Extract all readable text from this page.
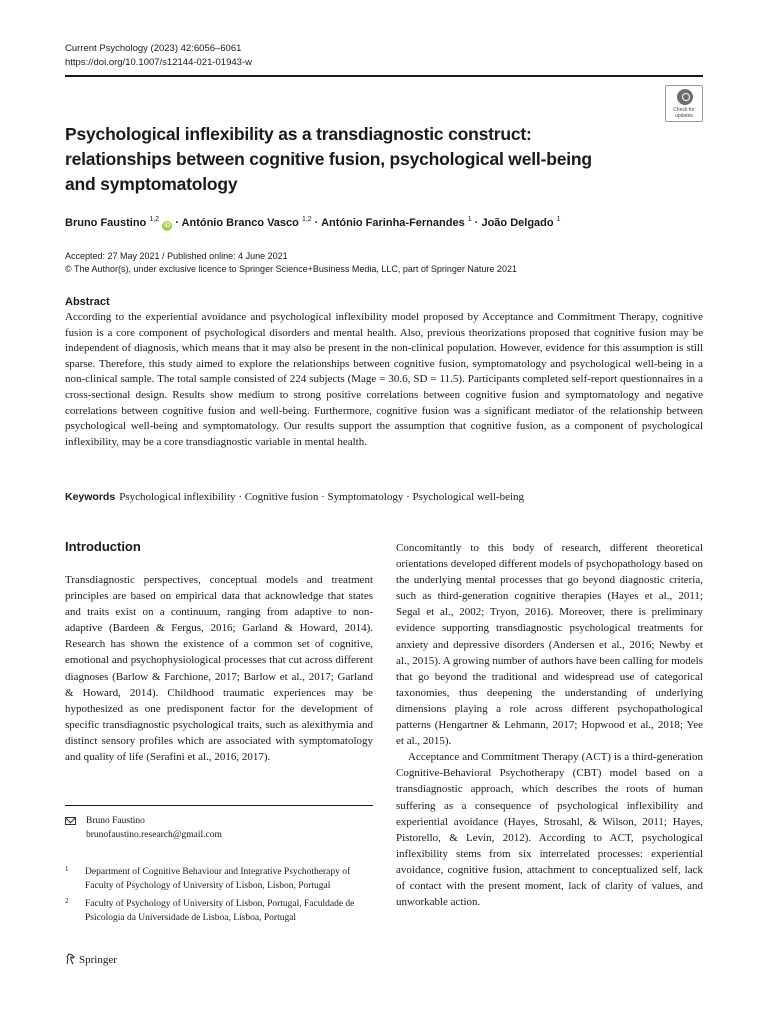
Current Psychology (2023) 42:6056–6061
https://doi.org/10.1007/s12144-021-01943-w
Check for updates
Psychological inflexibility as a transdiagnostic construct: relationships between cognitive fusion, psychological well-being and symptomatology
Bruno Faustino $^{1,2}$ iD · António Branco Vasco $^{1,2}$ · António Farinha-Fernandes $^1$ · João Delgado $^1$
Accepted: 27 May 2021 / Published online: 4 June 2021
© The Author(s), under exclusive licence to Springer Science+Business Media, LLC, part of Springer Nature 2021
Abstract

According to the experiential avoidance and psychological inflexibility model proposed by Acceptance and Commitment Therapy, cognitive fusion is a core component of psychological disorders and mental health. Also, previous theorizations proposed that cognitive fusion may be independent of diagnosis, which means that it may also be present in the non-clinical population. However, evidence for this assumption is still sparse. Therefore, this study aimed to explore the relationships between cognitive fusion, symptomatology and psychological well-being in a non-clinical sample. The total sample consisted of 224 subjects (Mage = 30.6, SD = 11.5). Participants completed self-report questionnaires in a cross-sectional design. Results show medium to strong positive correlations between cognitive fusion and symptomatology and negative correlations between cognitive fusion and well-being. Furthermore, cognitive fusion was a significant mediator of the relationship between psychological well-being and symptomatology. Our results support the assumption that cognitive fusion, as a component of psychological inflexibility, may be a core transdiagnostic variable in mental health.

Keywords Psychological inflexibility · Cognitive fusion · Symptomatology · Psychological well-being
Introduction

Transdiagnostic perspectives, conceptual models and treatment principles are based on empirical data that acknowledge that states and traits exist on a continuum, ranging from adaptive to non-adaptive (Bardeen & Fergus, 2016; Garland & Howard, 2014). Research has shown the existence of a common set of cognitive, emotional and psychophysiological processes that cut across different diagnoses (Barlow & Farchione, 2017; Barlow et al., 2017; Garland & Howard, 2014). Childhood traumatic experiences may be hypothesized as one predisponent factor for the development of specific transdiagnostic psychological traits, such as alexithymia and distinct sensory profiles which are associated with symptomatology and quality of life (Serafini et al., 2016, 2017).

Concomitantly to this body of research, different theoretical orientations developed different models of psychopathology based on the underlying mental processes that go beyond diagnostic criteria, such as third-generation cognitive therapies (Hayes et al., 2011; Segal et al., 2002; Tryon, 2016). Moreover, there is preliminary evidence supporting transdiagnostic psychological treatments for anxiety and depressive disorders (Andersen et al., 2016; Newby et al., 2015). A growing number of authors have been calling for models that go beyond the traditional and widespread use of categorical taxonomies, thus deepening the understanding of underlying dimensions playing a role across different psychopathological patterns (Hengartner & Lehmann, 2017; Hopwood et al., 2018; Yee et al., 2015).

Acceptance and Commitment Therapy (ACT) is a third-generation Cognitive-Behavioral Psychotherapy (CBT) model based on a transdiagnostic approach, which describes the roots of human suffering as a consequence of psychological inflexibility and experiential avoidance (Hayes, Strosahl, & Wilson, 2011; Hayes, Pistorello, & Levin, 2012). According to ACT, psychological inflexibility stems from six interrelated processes: experiential avoidance, cognitive fusion, attachment to conceptualized self, lack of contact with the present moment, lack of clarity of values, and unworkable action.

Bruno Faustino
brunofaustino.research@gmail.com
1 Department of Cognitive Behaviour and Integrative Psychotherapy of Faculty of Psychology of University of Lisbon, Lisbon, Portugal
2 Faculty of Psychology of University of Lisbon, Portugal, Faculdade de Psicologia da Universidade de Lisboa, Lisboa, Portugal
Springer
